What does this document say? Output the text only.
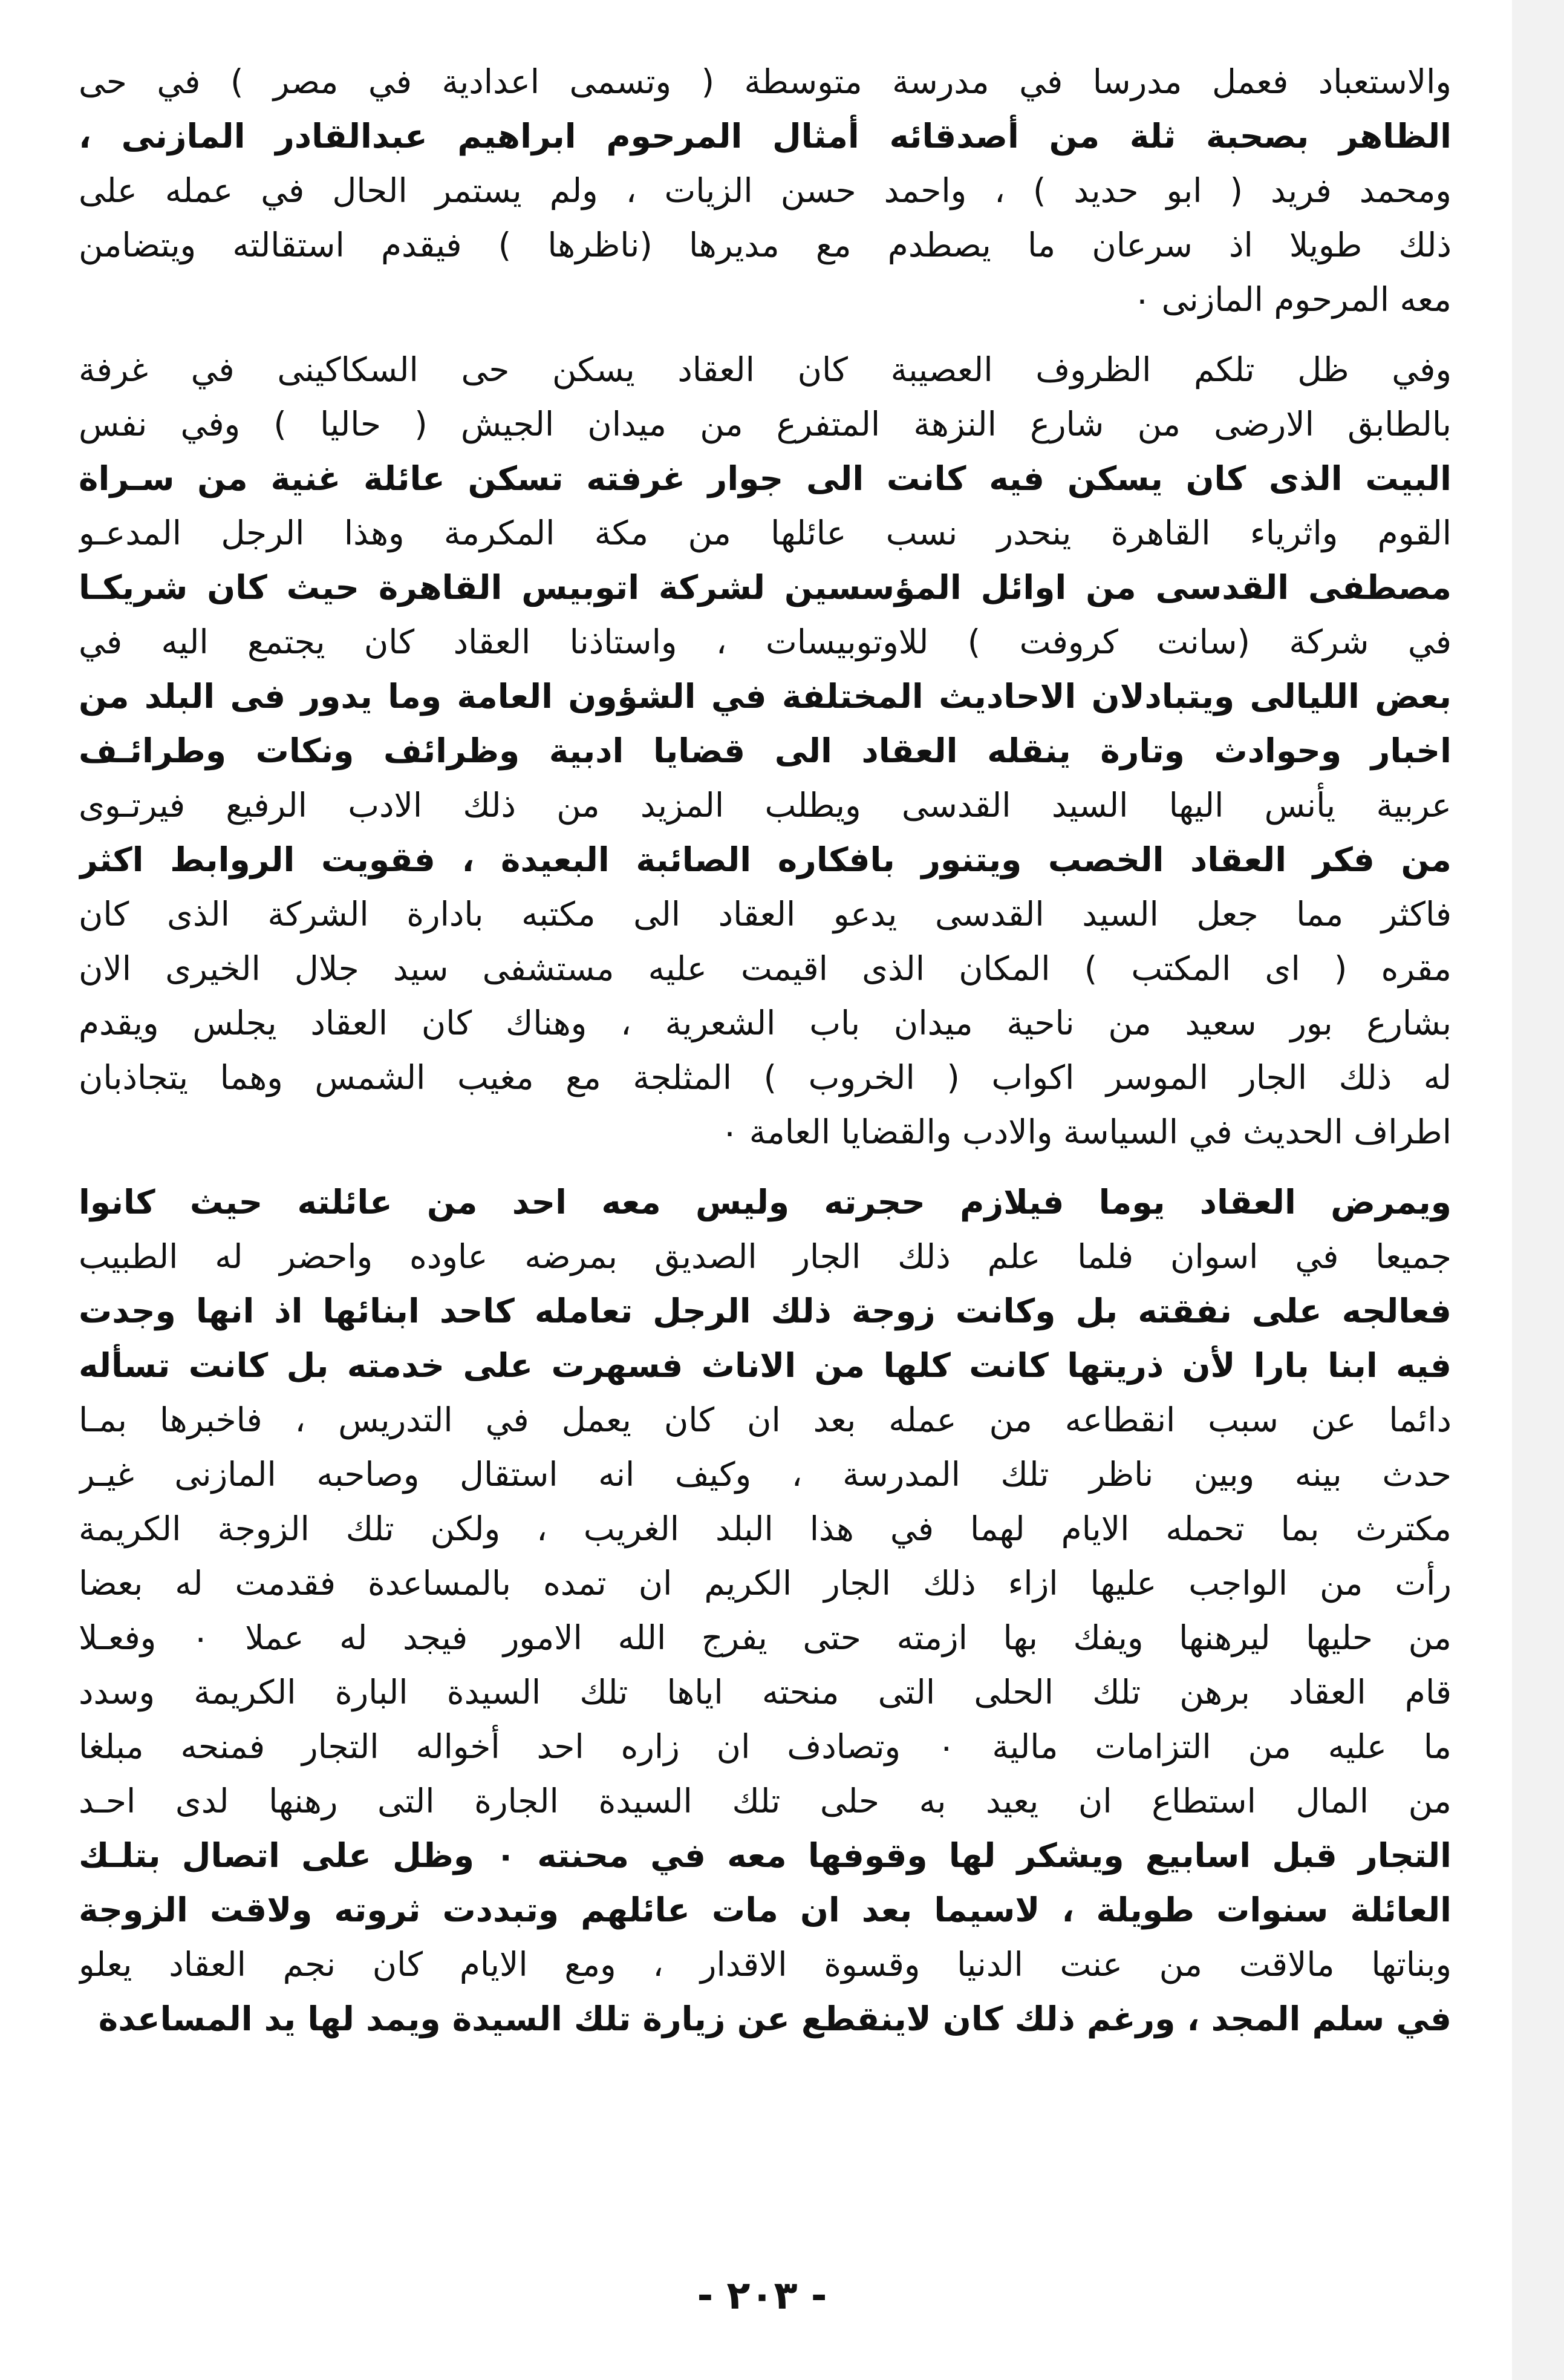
والاستعباد فعمل مدرسا في مدرسة متوسطة ( وتسمى اعدادية في مصر ) في حى
الظاهر بصحبة ثلة من أصدقائه أمثال المرحوم ابراهيم عبدالقادر المازنى ،
ومحمد فريد ( ابو حديد ) ، واحمد حسن الزيات ، ولم يستمر الحال في عمله على
ذلك طويلا اذ سرعان ما يصطدم مع مديرها (ناظرها ) فيقدم استقالته ويتضامن
معه المرحوم المازنى ٠
وفي ظل تلكم الظروف العصيبة كان العقاد يسكن حى السكاكينى في غرفة
بالطابق الارضى من شارع النزهة المتفرع من ميدان الجيش ( حاليا ) وفي نفس
البيت الذى كان يسكن فيه كانت الى جوار غرفته تسكن عائلة غنية من سـراة
القوم واثرياء القاهرة ينحدر نسب عائلها من مكة المكرمة وهذا الرجل المدعـو
مصطفى القدسى من اوائل المؤسسين لشركة اتوبيس القاهرة حيث كان شريكـا
في شركة (سانت كروفت ) للاوتوبيسات ، واستاذنا العقاد كان يجتمع اليه في
بعض الليالى ويتبادلان الاحاديث المختلفة في الشؤون العامة وما يدور فى البلد من
اخبار وحوادث وتارة ينقله العقاد الى قضايا ادبية وظرائف ونكات وطرائـف
عربية يأنس اليها السيد القدسى ويطلب المزيد من ذلك الادب الرفيع فيرتـوى
من فكر العقاد الخصب ويتنور بافكاره الصائبة البعيدة ، فقويت الروابط اكثر
فاكثر مما جعل السيد القدسى يدعو العقاد الى مكتبه بادارة الشركة الذى كان
مقره ( اى المكتب ) المكان الذى اقيمت عليه مستشفى سيد جلال الخيرى الان
بشارع بور سعيد من ناحية ميدان باب الشعرية ، وهناك كان العقاد يجلس ويقدم
له ذلك الجار الموسر اكواب ( الخروب ) المثلجة مع مغيب الشمس وهما يتجاذبان
اطراف الحديث في السياسة والادب والقضايا العامة ٠
ويمرض العقاد يوما فيلازم حجرته وليس معه احد من عائلته حيث كانوا
جميعا في اسوان فلما علم ذلك الجار الصديق بمرضه عاوده واحضر له الطبيب
فعالجه على نفقته بل وكانت زوجة ذلك الرجل تعامله كاحد ابنائها اذ انها وجدت
فيه ابنا بارا لأن ذريتها كانت كلها من الاناث فسهرت على خدمته بل كانت تسأله
دائما عن سبب انقطاعه من عمله بعد ان كان يعمل في التدريس ، فاخبرها بمـا
حدث بينه وبين ناظر تلك المدرسة ، وكيف انه استقال وصاحبه المازنى غيـر
مكترث بما تحمله الايام لهما في هذا البلد الغريب ، ولكن تلك الزوجة الكريمة
رأت من الواجب عليها ازاء ذلك الجار الكريم ان تمده بالمساعدة فقدمت له بعضا
من حليها ليرهنها ويفك بها ازمته حتى يفرج الله الامور فيجد له عملا ٠ وفعـلا
قام العقاد برهن تلك الحلى التى منحته اياها تلك السيدة البارة الكريمة وسدد
ما عليه من التزامات مالية ٠ وتصادف ان زاره احد أخواله التجار فمنحه مبلغا
من المال استطاع ان يعيد به حلى تلك السيدة الجارة التى رهنها لدى احـد
التجار قبل اسابيع ويشكر لها وقوفها معه في محنته ٠ وظل على اتصال بتلـك
العائلة سنوات طويلة ، لاسيما بعد ان مات عائلهم وتبددت ثروته ولاقت الزوجة
وبناتها مالاقت من عنت الدنيا وقسوة الاقدار ، ومع الايام كان نجم العقاد يعلو
في سلم المجد ، ورغم ذلك كان لاينقطع عن زيارة تلك السيدة ويمد لها يد المساعدة
- ٢٠٣ -
